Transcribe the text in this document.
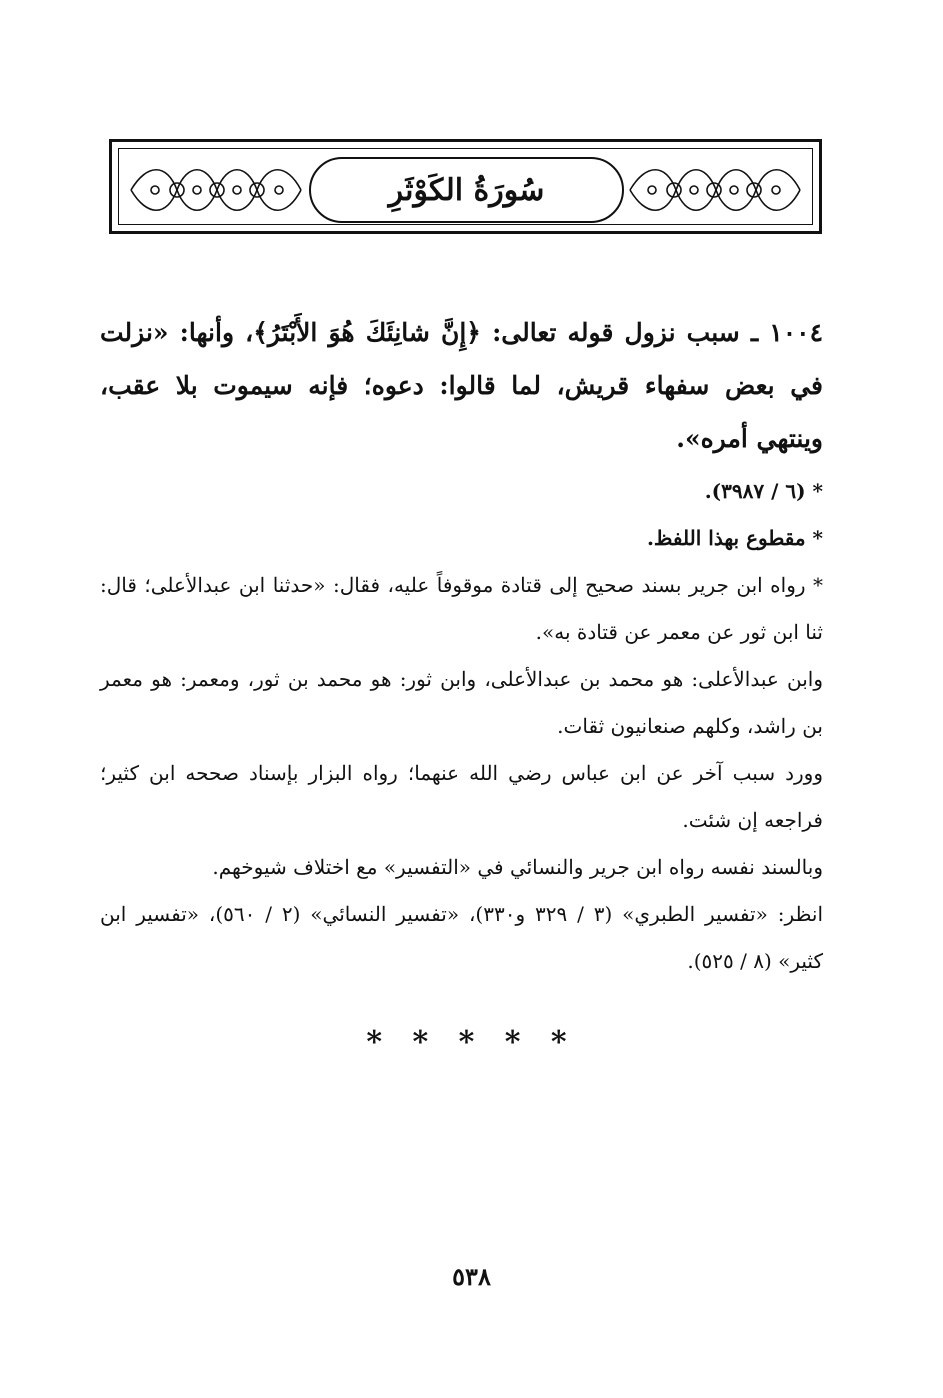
سُورَةُ الكَوْثَرِ
١٠٠٤ ـ سبب نزول قوله تعالى: ﴿إِنَّ شانِئَكَ هُوَ الأَبْتَرُ﴾، وأنها: «نزلت في بعض سفهاء قريش، لما قالوا: دعوه؛ فإنه سيموت بلا عقب، وينتهي أمره».
* (٦ / ٣٩٨٧).
* مقطوع بهذا اللفظ.
* رواه ابن جرير بسند صحيح إلى قتادة موقوفاً عليه، فقال: «حدثنا ابن عبدالأعلى؛ قال: ثنا ابن ثور عن معمر عن قتادة به».
وابن عبدالأعلى: هو محمد بن عبدالأعلى، وابن ثور: هو محمد بن ثور، ومعمر: هو معمر بن راشد، وكلهم صنعانيون ثقات.
وورد سبب آخر عن ابن عباس رضي الله عنهما؛ رواه البزار بإسناد صححه ابن كثير؛ فراجعه إن شئت.
وبالسند نفسه رواه ابن جرير والنسائي في «التفسير» مع اختلاف شيوخهم.
انظر: «تفسير الطبري» (٣ / ٣٢٩ و٣٣٠)، «تفسير النسائي» (٢ / ٥٦٠)، «تفسير ابن كثير» (٨ / ٥٢٥).
* * * * *
٥٣٨
